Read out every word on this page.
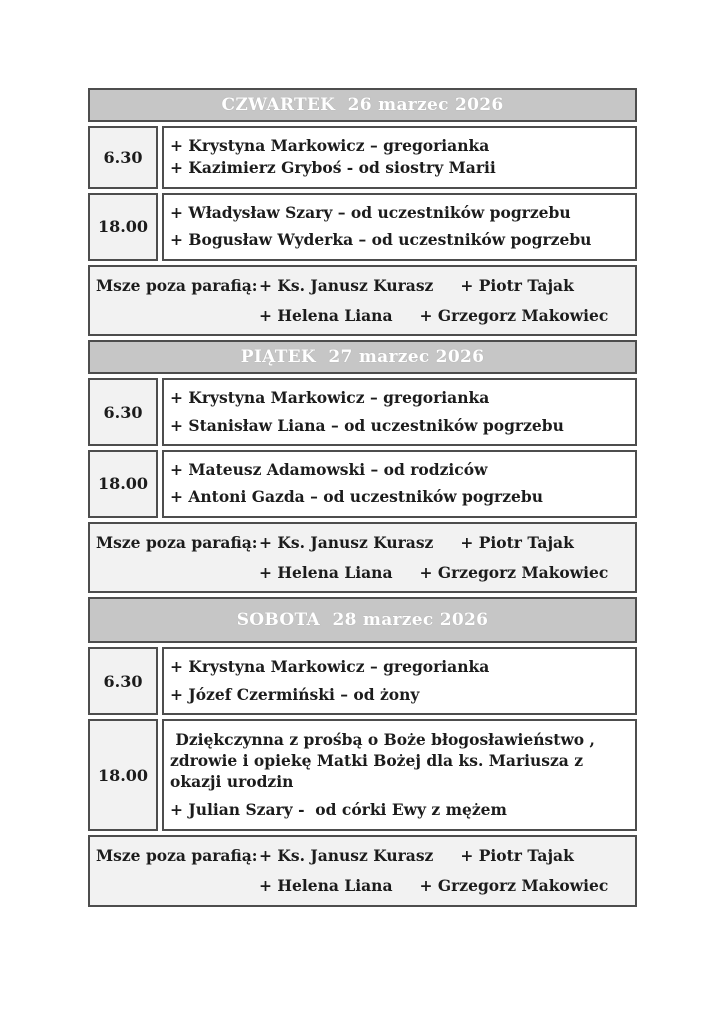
CZWARTEK  26 marzec 2026
6.30

+ Krystyna Markowicz – gregorianka

+ Kazimierz Gryboś - od siostry Marii

18.00

+ Władysław Szary – od uczestników pogrzebu

+ Bogusław Wyderka – od uczestników pogrzebu

Msze poza parafią: + Ks. Janusz Kurasz + Piotr Tajak

+ Helena Liana + Grzegorz Makowiec

PIĄTEK  27 marzec 2026
6.30

+ Krystyna Markowicz – gregorianka

+ Stanisław Liana – od uczestników pogrzebu

18.00

+ Mateusz Adamowski – od rodziców

+ Antoni Gazda – od uczestników pogrzebu

Msze poza parafią: + Ks. Janusz Kurasz + Piotr Tajak

+ Helena Liana + Grzegorz Makowiec

SOBOTA  28 marzec 2026
6.30

+ Krystyna Markowicz – gregorianka

+ Józef Czermiński – od żony

18.00

Dziękczynna z prośbą o Boże błogosławieństwo , zdrowie i opiekę Matki Bożej dla ks. Mariusza z okazji urodzin

+ Julian Szary -  od córki Ewy z mężem

Msze poza parafią: + Ks. Janusz Kurasz + Piotr Tajak

+ Helena Liana + Grzegorz Makowiec
